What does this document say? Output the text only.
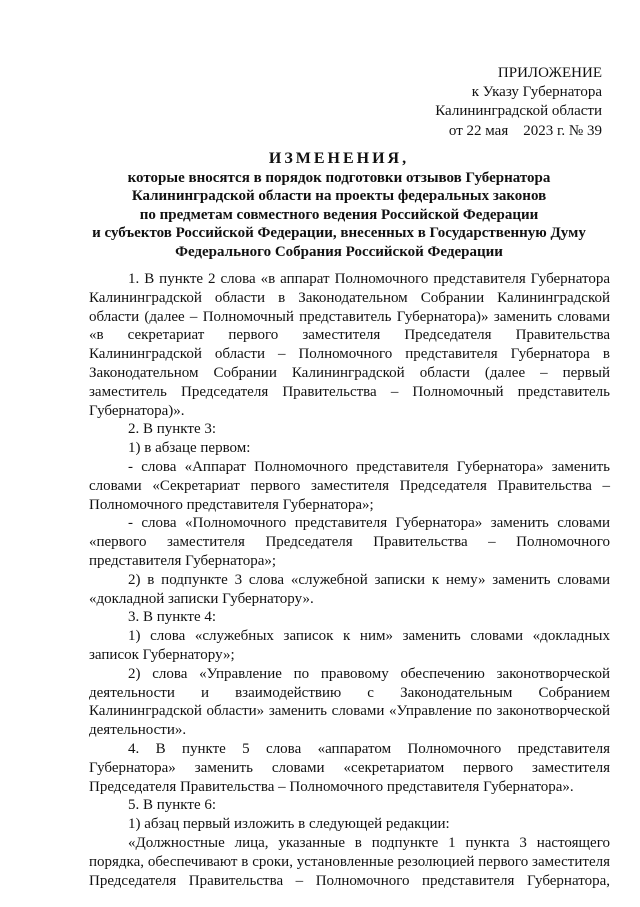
ПРИЛОЖЕНИЕ
к Указу Губернатора
Калининградской области
от 22 мая 2023 г. № 39
ИЗМЕНЕНИЯ,
которые вносятся в порядок подготовки отзывов Губернатора
Калининградской области на проекты федеральных законов
по предметам совместного ведения Российской Федерации
и субъектов Российской Федерации, внесенных в Государственную Думу
Федерального Собрания Российской Федерации

1. В пункте 2 слова «в аппарат Полномочного представителя Губернатора Калининградской области в Законодательном Собрании Калининградской области (далее – Полномочный представитель Губернатора)» заменить словами «в секретариат первого заместителя Председателя Правительства Калининградской области – Полномочного представителя Губернатора в Законодательном Собрании Калининградской области (далее – первый заместитель Председателя Правительства – Полномочный представитель Губернатора)».

2. В пункте 3:

1) в абзаце первом:

- слова «Аппарат Полномочного представителя Губернатора» заменить словами «Секретариат первого заместителя Председателя Правительства – Полномочного представителя Губернатора»;

- слова «Полномочного представителя Губернатора» заменить словами «первого заместителя Председателя Правительства – Полномочного представителя Губернатора»;

2) в подпункте 3 слова «служебной записки к нему» заменить словами «докладной записки Губернатору».

3. В пункте 4:

1) слова «служебных записок к ним» заменить словами «докладных записок Губернатору»;

2) слова «Управление по правовому обеспечению законотворческой деятельности и взаимодействию с Законодательным Собранием Калининградской области» заменить словами «Управление по законотворческой деятельности».

4. В пункте 5 слова «аппаратом Полномочного представителя Губернатора» заменить словами «секретариатом первого заместителя Председателя Правительства – Полномочного представителя Губернатора».

5. В пункте 6:

1) абзац первый изложить в следующей редакции:

«Должностные лица, указанные в подпункте 1 пункта 3 настоящего порядка, обеспечивают в сроки, установленные резолюцией первого заместителя Председателя Правительства – Полномочного представителя Губернатора,
